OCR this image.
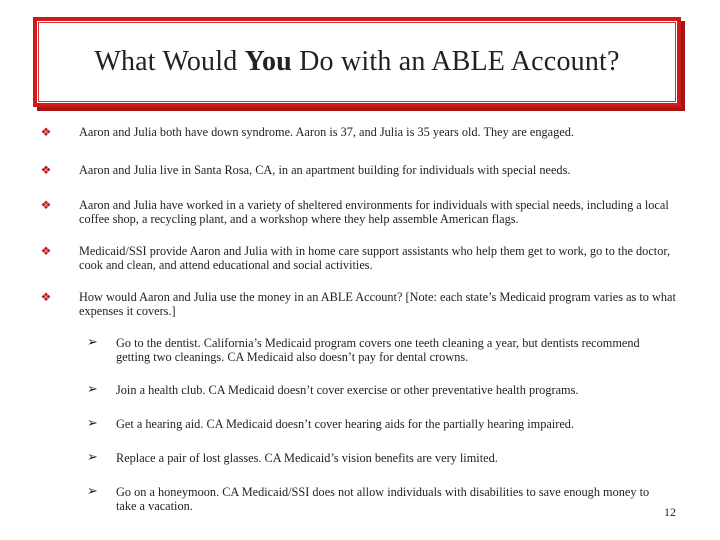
What Would You Do with an ABLE Account?
❖ Aaron and Julia both have down syndrome. Aaron is 37, and Julia is 35 years old. They are engaged.
❖ Aaron and Julia live in Santa Rosa, CA, in an apartment building for individuals with special needs.
❖ Aaron and Julia have worked in a variety of sheltered environments for individuals with special needs, including a local coffee shop, a recycling plant, and a workshop where they help assemble American flags.
❖ Medicaid/SSI provide Aaron and Julia with in home care support assistants who help them get to work, go to the doctor, cook and clean, and attend educational and social activities.
❖ How would Aaron and Julia use the money in an ABLE Account? [Note: each state’s Medicaid program varies as to what expenses it covers.]
➢ Go to the dentist. California’s Medicaid program covers one teeth cleaning a year, but dentists recommend getting two cleanings. CA Medicaid also doesn’t pay for dental crowns.
➢ Join a health club. CA Medicaid doesn’t cover exercise or other preventative health programs.
➢ Get a hearing aid. CA Medicaid doesn’t cover hearing aids for the partially hearing impaired.
➢ Replace a pair of lost glasses. CA Medicaid’s vision benefits are very limited.
➢ Go on a honeymoon. CA Medicaid/SSI does not allow individuals with disabilities to save enough money to take a vacation.	12
